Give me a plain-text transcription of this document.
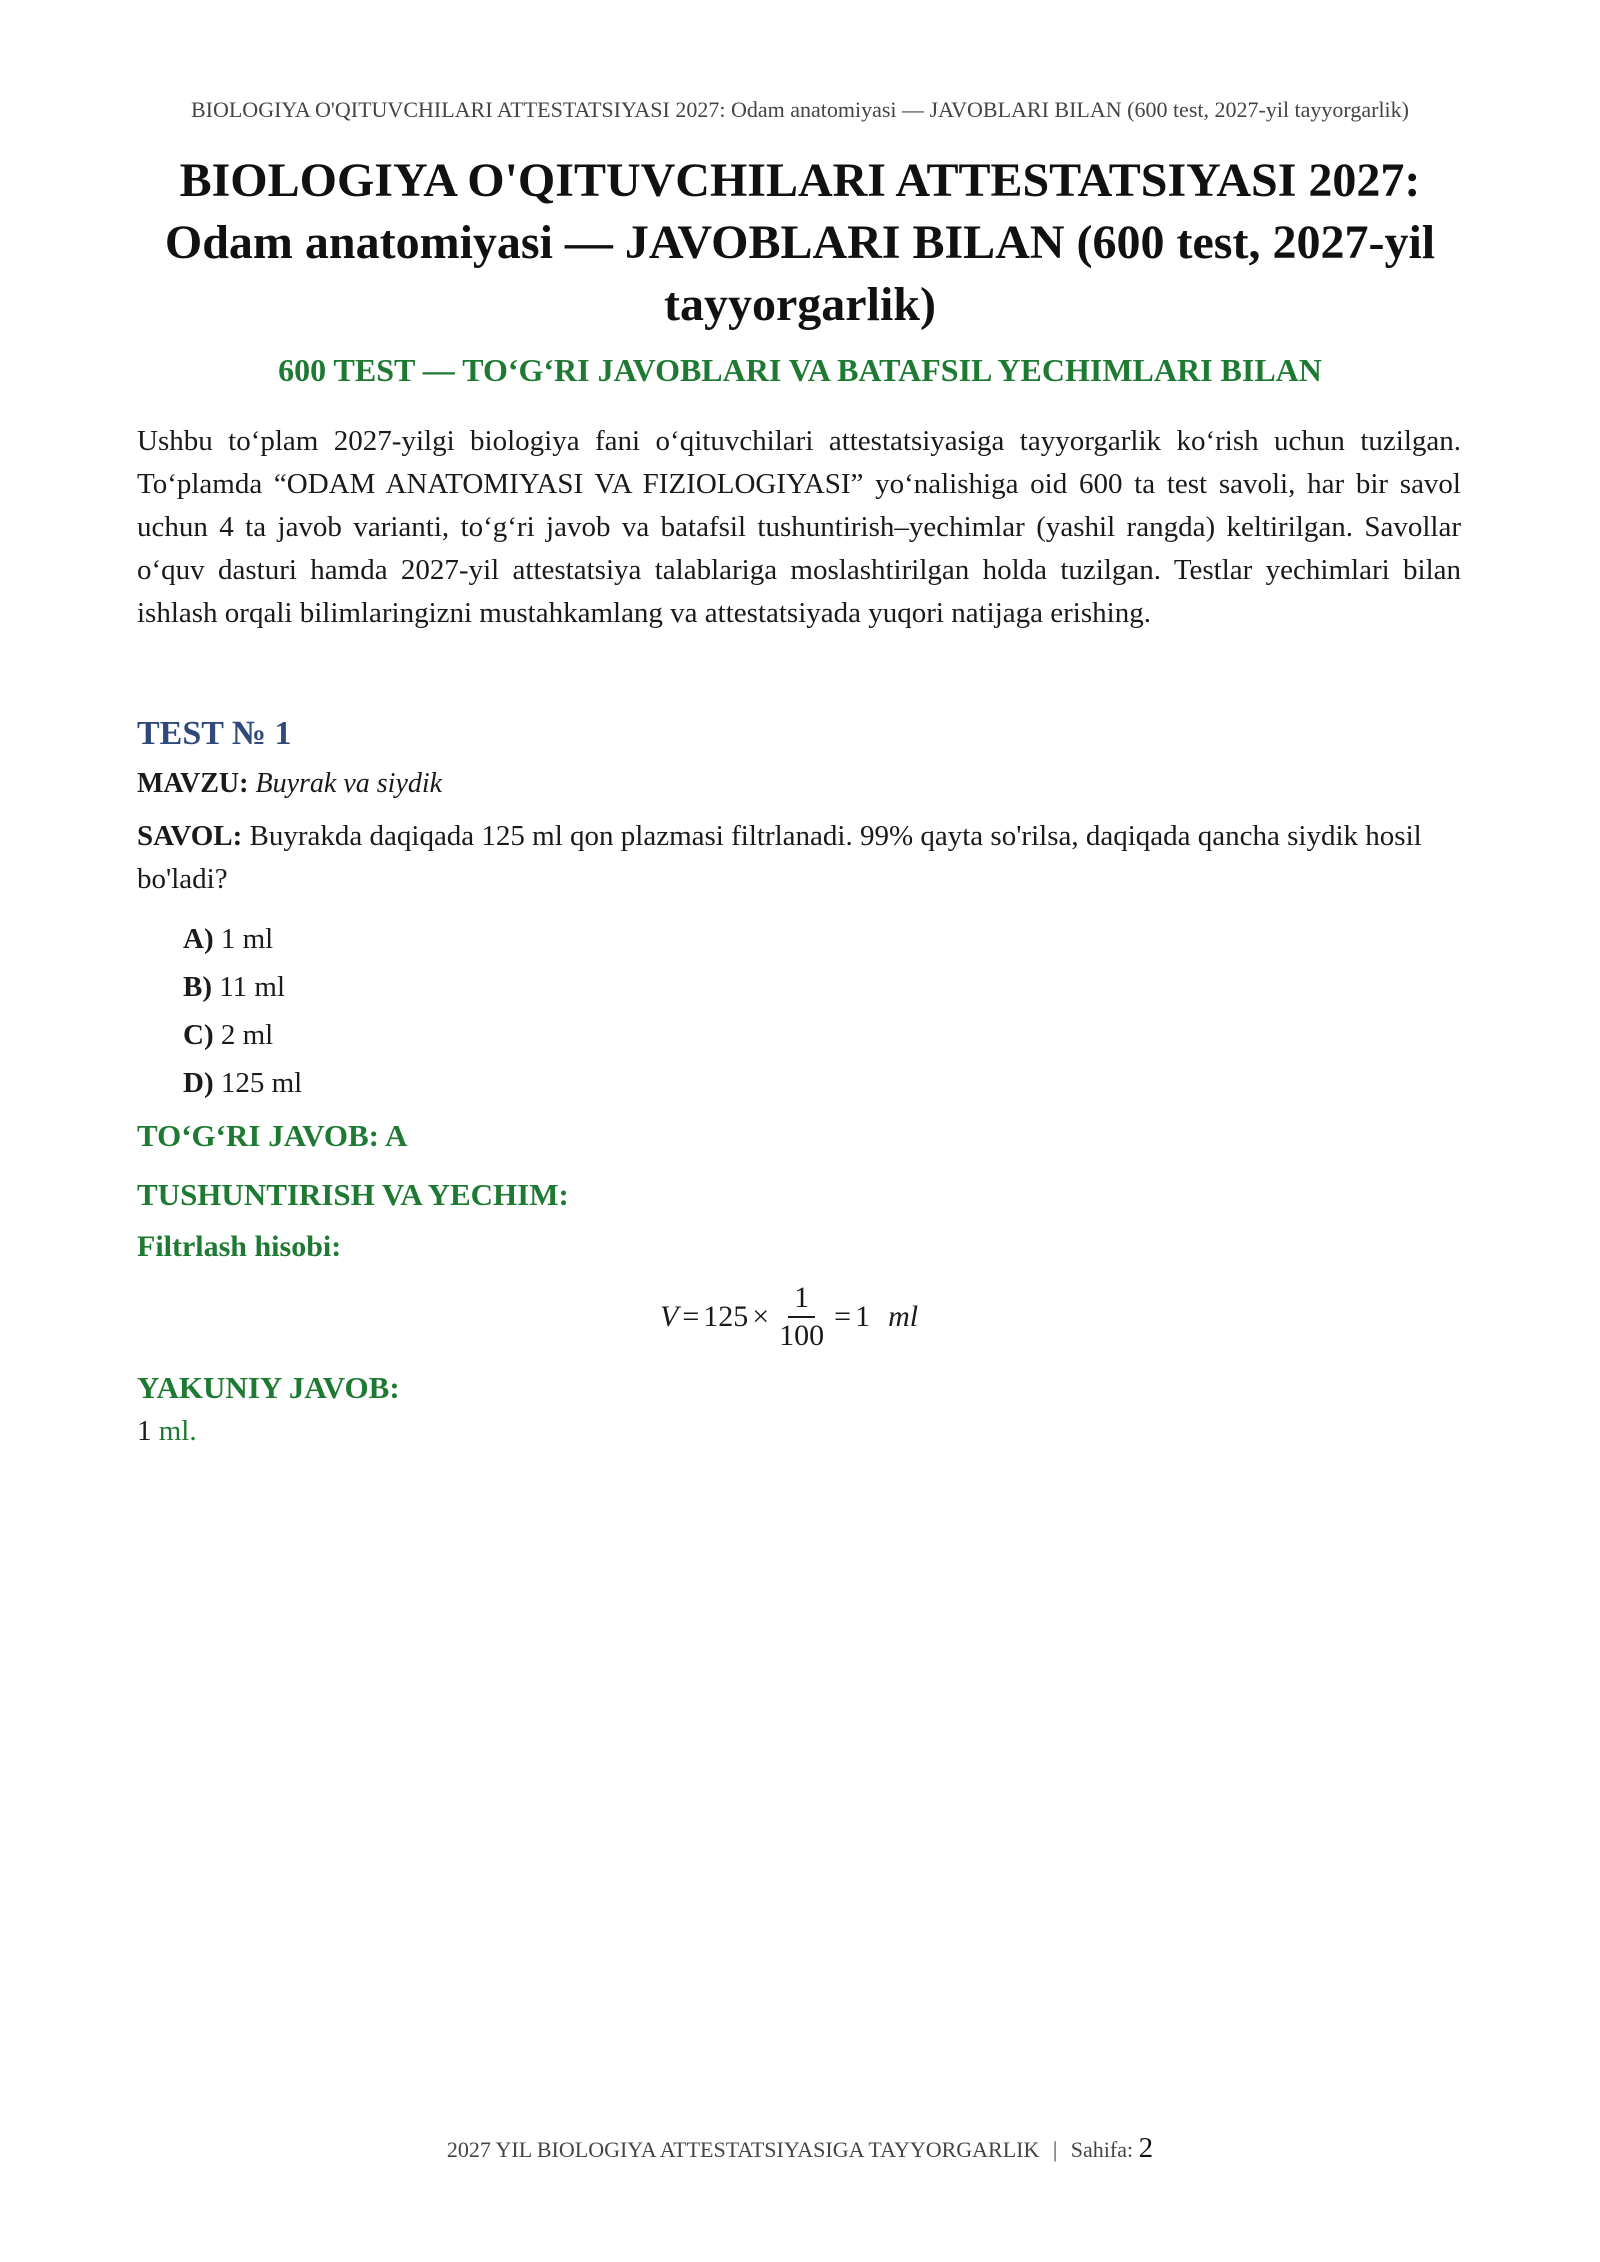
BIOLOGIYA O'QITUVCHILARI ATTESTATSIYASI 2027: Odam anatomiyasi — JAVOBLARI BILAN (600 test, 2027-yil tayyorgarlik)
BIOLOGIYA O'QITUVCHILARI ATTESTATSIYASI 2027: Odam anatomiyasi — JAVOBLARI BILAN (600 test, 2027-yil tayyorgarlik)
600 TEST — TO‘G‘RI JAVOBLARI VA BATAFSIL YECHIMLARI BILAN

Ushbu to‘plam 2027-yilgi biologiya fani o‘qituvchilari attestatsiyasiga tayyorgarlik ko‘rish uchun tuzilgan. To‘plamda “ODAM ANATOMIYASI VA FIZIOLOGIYASI” yo‘nalishiga oid 600 ta test savoli, har bir savol uchun 4 ta javob varianti, to‘g‘ri javob va batafsil tushuntirish–yechimlar (yashil rangda) keltirilgan. Savollar o‘quv dasturi hamda 2027-yil attestatsiya talablariga moslashtirilgan holda tuzilgan. Testlar yechimlari bilan ishlash orqali bilimlaringizni mustahkamlang va attestatsiyada yuqori natijaga erishing.

TEST № 1
MAVZU: Buyrak va siydik

SAVOL: Buyrakda daqiqada 125 ml qon plazmasi filtrlanadi. 99% qayta so'rilsa, daqiqada qancha siydik hosil bo'ladi?

A) 1 ml
B) 11 ml
C) 2 ml
D) 125 ml
TO‘G‘RI JAVOB: A
TUSHUNTIRISH VA YECHIM:
Filtrlash hisobi:
$V = 125 \times \frac{1}{100} = 1$ ml
YAKUNIY JAVOB:
1 ml.
2027 YIL BIOLOGIYA ATTESTATSIYASIGA TAYYORGARLIK | Sahifa: 2
